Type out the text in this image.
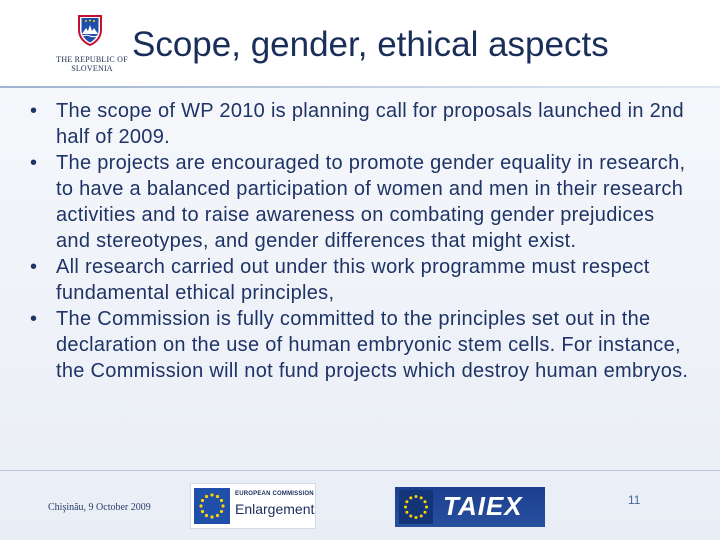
THE REPUBLIC OF SLOVENIA
Scope, gender, ethical aspects
• The scope of WP 2010 is planning call for proposals launched in 2nd half of 2009.
• The projects are encouraged to promote gender equality in research, to have a balanced participation of women and men in their research activities and to raise awareness on combating gender prejudices and stereotypes, and gender differences that might exist.
• All research carried out under this work programme must respect fundamental ethical principles,
• The Commission is fully committed to the principles set out in the declaration on the use of human embryonic stem cells. For instance, the Commission will not fund projects which destroy human embryos.
Chişinău, 9 October 2009
EUROPEAN COMMISSION
Enlargement	TAIEX	11
